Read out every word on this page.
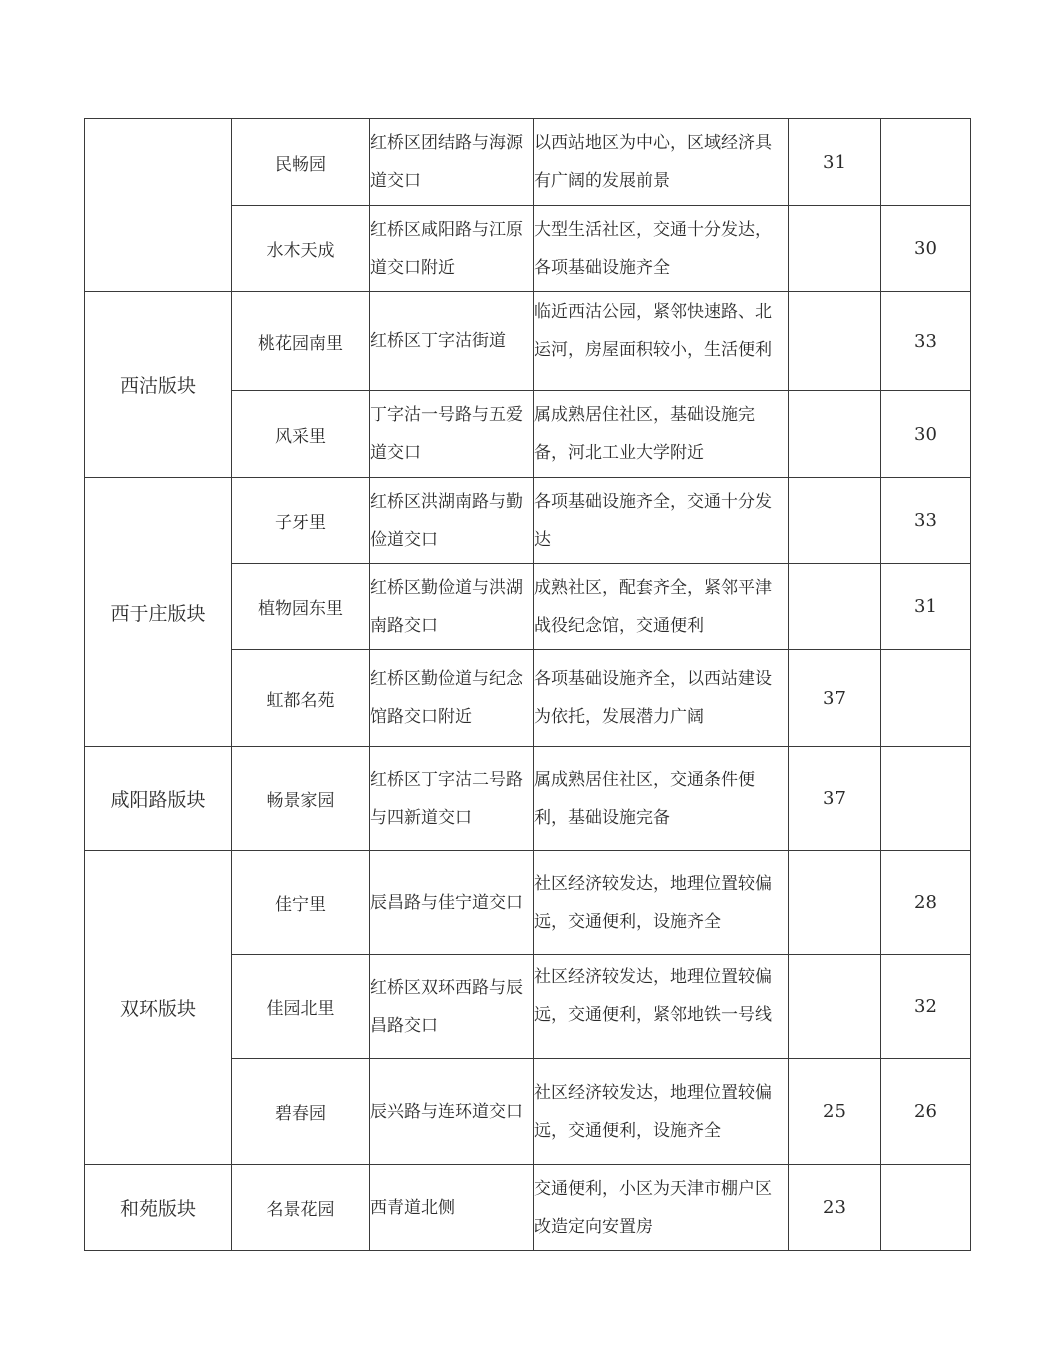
	民畅园	红桥区团结路与海源道交口	以西站地区为中心，区域经济具有广阔的发展前景	31	
	水木天成	红桥区咸阳路与江原道交口附近	大型生活社区，交通十分发达，各项基础设施齐全		30
西沽版块	桃花园南里	红桥区丁字沽街道	临近西沽公园，紧邻快速路、北运河，房屋面积较小，生活便利		33
	风采里	丁字沽一号路与五爱道交口	属成熟居住社区，基础设施完备，河北工业大学附近		30
西于庄版块	子牙里	红桥区洪湖南路与勤俭道交口	各项基础设施齐全，交通十分发达		33
	植物园东里	红桥区勤俭道与洪湖南路交口	成熟社区，配套齐全，紧邻平津战役纪念馆，交通便利		31
	虹都名苑	红桥区勤俭道与纪念馆路交口附近	各项基础设施齐全，以西站建设为依托，发展潜力广阔	37	
咸阳路版块	畅景家园	红桥区丁字沽二号路与四新道交口	属成熟居住社区，交通条件便利，基础设施完备	37	
双环版块	佳宁里	辰昌路与佳宁道交口	社区经济较发达，地理位置较偏远，交通便利，设施齐全		28
	佳园北里	红桥区双环西路与辰昌路交口	社区经济较发达，地理位置较偏远，交通便利，紧邻地铁一号线		32
	碧春园	辰兴路与连环道交口	社区经济较发达，地理位置较偏远，交通便利，设施齐全	25	26
和苑版块	名景花园	西青道北侧	交通便利，小区为天津市棚户区改造定向安置房	23	
